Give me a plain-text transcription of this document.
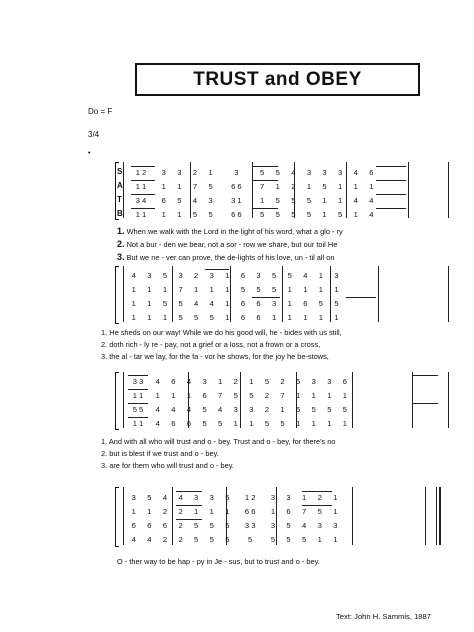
TRUST and OBEY
Do = F
3/4
•
S
A
T
B
1 2	3	3	2	1	3	5	5	4	3	3	3	4	6
1 1	1	1	7	5	6 6	7	1	2	1	5	1	1	1
3 4	6	5	4	3	3 1	1	5	5	5	1	1	4	4
1 1	1	1	5	5	6 6	5	5	5	5	1	5	1	4
1. When we walk with the Lord in the light of his word, what a glo - ry
2. Not a bur - den we bear, not a sor - row we share, but our toil He
3. But we ne - ver can prove, the de-lights of his love, un - til all on
4	3	5	3	2	3	1	6	3	5	5	4	1	3
1	1	1	7	1	1	1	5	5	5	1	1	1	1
1	1	5	5	4	4	1	6	6	3	1	6	5	5
1	1	1	5	5	5	1	6	6	1	1	1	1	1
1. He sheds on our way! While we do his good will, he - bides with us still,
2. doth rich - ly re - pay, not a grief or a loss, not a frown or a cross,
3. the al - tar we lay, for the fa - vor he shows, for the joy he be-stows,
3 3	4	6	4	3	1	2	1	5	2	5	3	3	6
1 1	1	1	1	6	7	5	5	2	7	1	1	1	1
5 5	4	4	4	5	4	3	3	2	1	5	5	5	5
1 1	4	6	6	5	5	1	1	5	5	1	1	1	1
1. And with all who will trust and o - bey. Trust and o - bey, for there's no
2. but is blest if we trust and o - bey.
3. are for them who will trust and o - bey.
3	5	4	4	3	3	5	1 2	3	3	1	2	1
1	1	2	2	1	1	1	6 6	1	6	7	5	1
6	6	6	2	5	5	5	3 3	3	5	4	3	3
4	4	2	2	5	5	5	5	5	5	5	1	1
O - ther way to be hap - py in Je - sus, but to trust and o - bey.
Text: John H. Sammis, 1887
